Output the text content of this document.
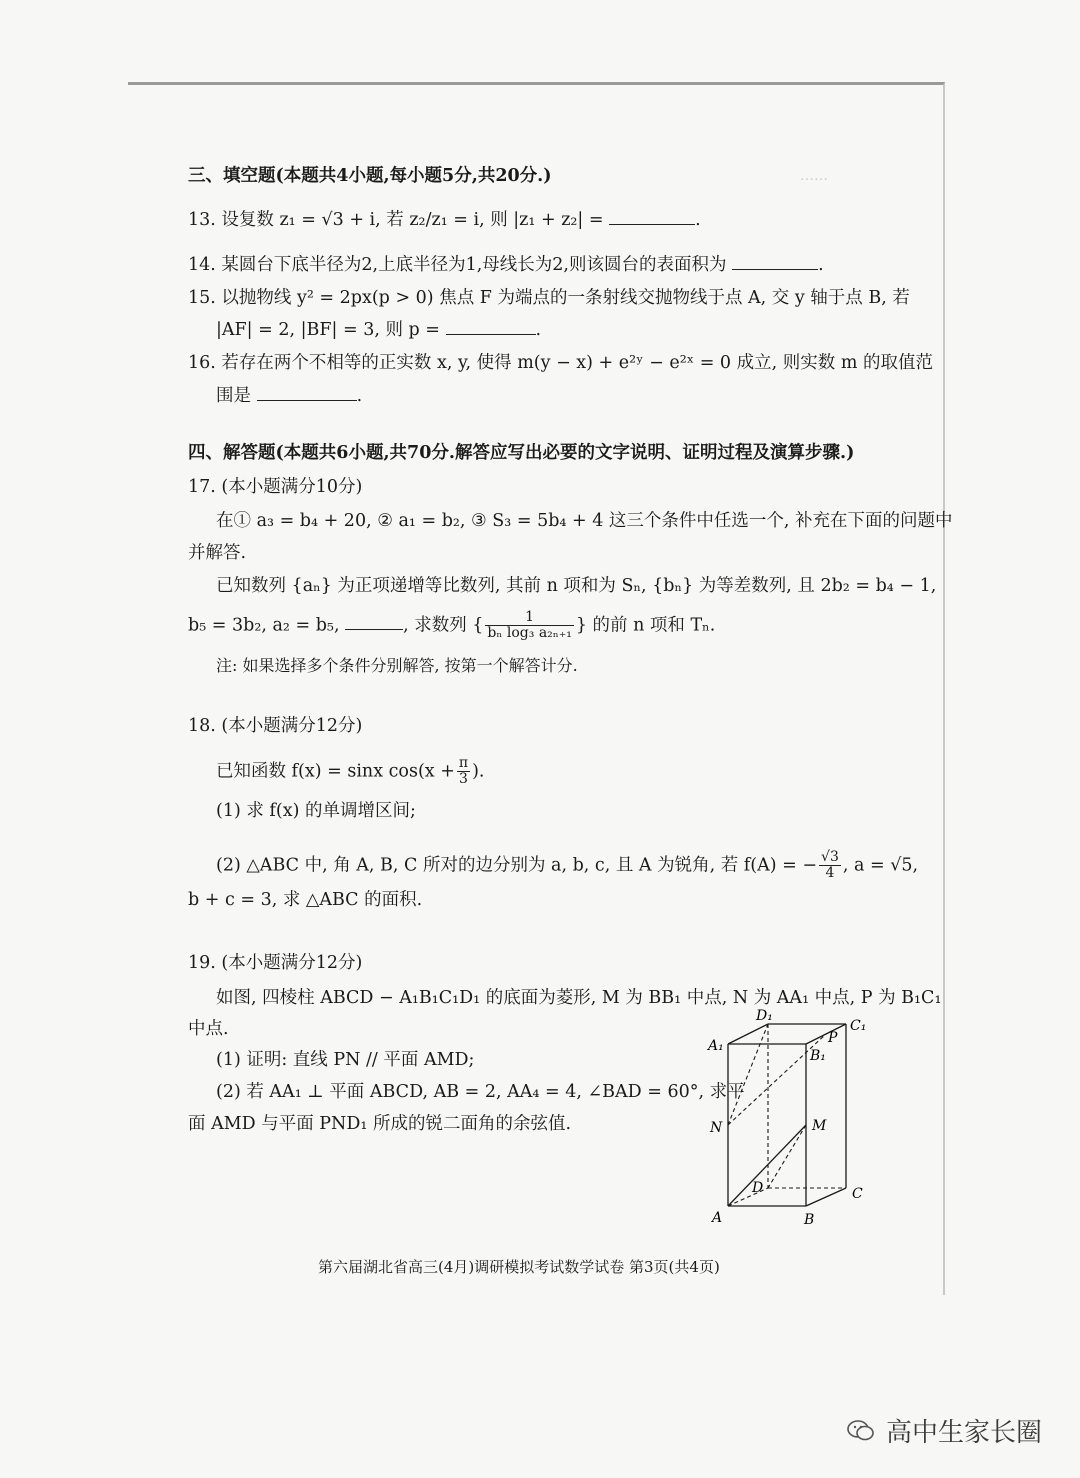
……
三、填空题(本题共4小题,每小题5分,共20分.)
13. 设复数 z₁ = √3 + i, 若 z₂/z₁ = i, 则 |z₁ + z₂| =	.
14. 某圆台下底半径为2,上底半径为1,母线长为2,则该圆台的表面积为	.
15. 以抛物线 y² = 2px(p > 0) 焦点 F 为端点的一条射线交抛物线于点 A, 交 y 轴于点 B, 若
|AF| = 2, |BF| = 3, 则 p =	.
16. 若存在两个不相等的正实数 x, y, 使得 m(y − x) + e²ʸ − e²ˣ = 0 成立, 则实数 m 的取值范
围是	.
四、解答题(本题共6小题,共70分.解答应写出必要的文字说明、证明过程及演算步骤.)
17. (本小题满分10分)
在① a₃ = b₄ + 20, ② a₁ = b₂, ③ S₃ = 5b₄ + 4 这三个条件中任选一个, 补充在下面的问题中
并解答.
已知数列 {aₙ} 为正项递增等比数列, 其前 n 项和为 Sₙ, {bₙ} 为等差数列, 且 2b₂ = b₄ − 1,
b₅ = 3b₂, a₂ = b₅,	, 求数列 { $\frac{1}{\text{bₙ log₃ a₂ₙ₊₁}}$ } 的前 n 项和 Tₙ.
注: 如果选择多个条件分别解答, 按第一个解答计分.
18. (本小题满分12分)
已知函数 f(x) = sinx $\cos(x + \frac{\pi}{3}$ ).
(1) 求 f(x) 的单调增区间;
(2) △ABC 中, 角 A, B, C 所对的边分别为 a, b, c, 且 A 为锐角, 若 f(A) = − $\frac{√3}{4}$ , a = √5,
b + c = 3, 求 △ABC 的面积.
19. (本小题满分12分)
如图, 四棱柱 ABCD − A₁B₁C₁D₁ 的底面为菱形, M 为 BB₁ 中点, N 为 AA₁ 中点, P 为 B₁C₁
中点.
(1) 证明: 直线 PN // 平面 AMD;
(2) 若 AA₁ ⊥ 平面 ABCD, AB = 2, AA₄ = 4, ∠BAD = 60°, 求平
面 AMD 与平面 PND₁ 所成的锐二面角的余弦值.
D₁
C₁
A₁	P
B₁
N	M
D
A	B
C
第六届湖北省高三(4月)调研模拟考试数学试卷 第3页(共4页)
高中生家长圈
